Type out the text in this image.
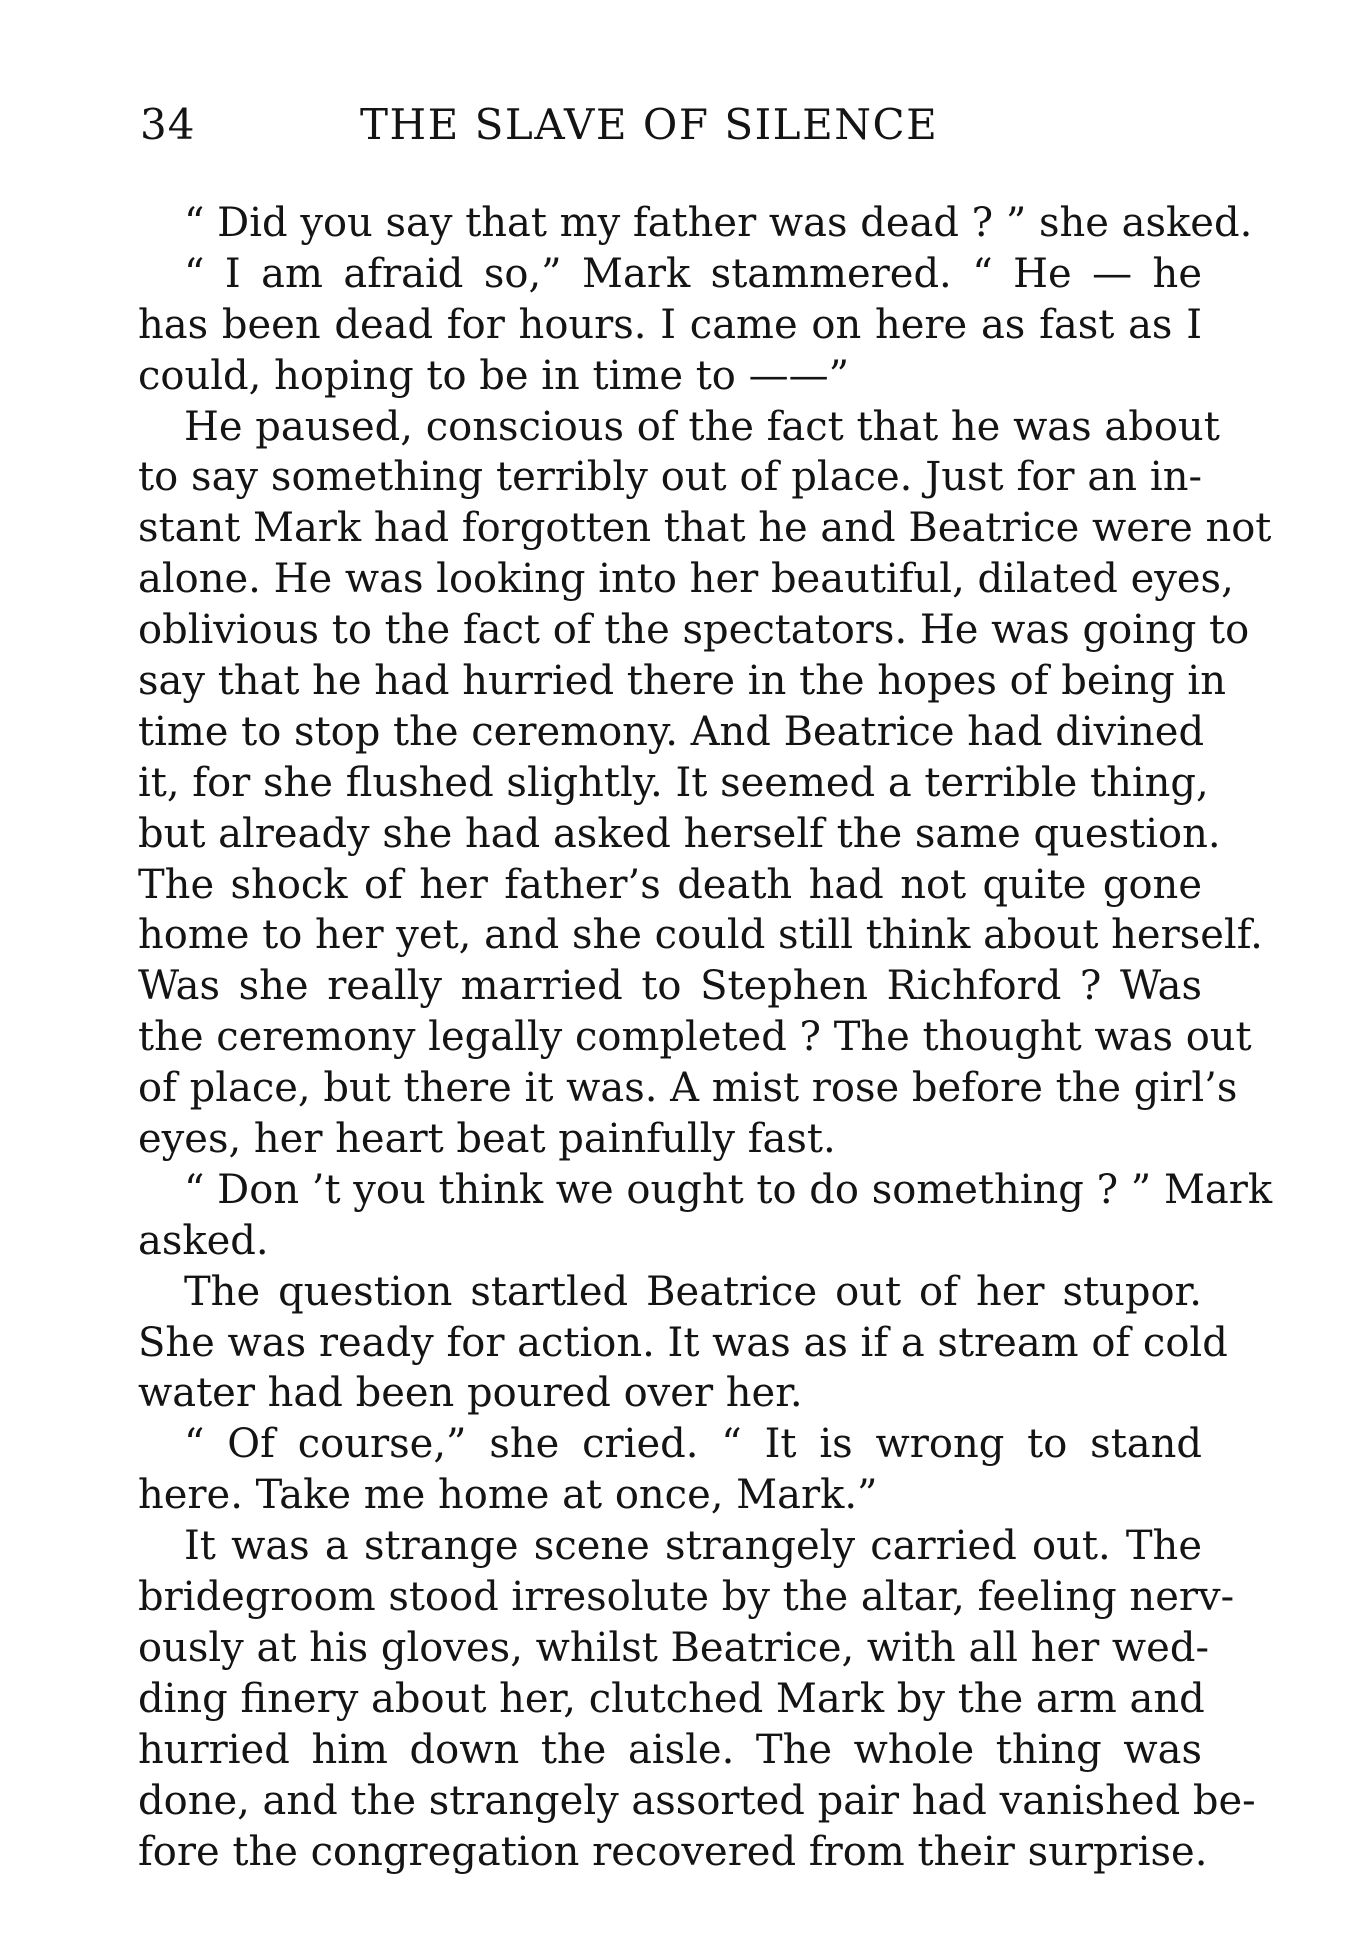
34	THE SLAVE OF SILENCE
“ Did you say that my father was dead ? ” she asked.
“ I am afraid so,” Mark stammered. “ He — he
has been dead for hours. I came on here as fast as I
could, hoping to be in time to ——”
He paused, conscious of the fact that he was about
to say something terribly out of place. Just for an in-
stant Mark had forgotten that he and Beatrice were not
alone. He was looking into her beautiful, dilated eyes,
oblivious to the fact of the spectators. He was going to
say that he had hurried there in the hopes of being in
time to stop the ceremony. And Beatrice had divined
it, for she flushed slightly. It seemed a terrible thing,
but already she had asked herself the same question.
The shock of her father’s death had not quite gone
home to her yet, and she could still think about herself.
Was she really married to Stephen Richford ? Was
the ceremony legally completed ? The thought was out
of place, but there it was. A mist rose before the girl’s
eyes, her heart beat painfully fast.
“ Don ’t you think we ought to do something ? ” Mark
asked.
The question startled Beatrice out of her stupor.
She was ready for action. It was as if a stream of cold
water had been poured over her.
“ Of course,” she cried. “ It is wrong to stand
here. Take me home at once, Mark.”
It was a strange scene strangely carried out. The
bridegroom stood irresolute by the altar, feeling nerv-
ously at his gloves, whilst Beatrice, with all her wed-
ding finery about her, clutched Mark by the arm and
hurried him down the aisle. The whole thing was
done, and the strangely assorted pair had vanished be-
fore the congregation recovered from their surprise.
